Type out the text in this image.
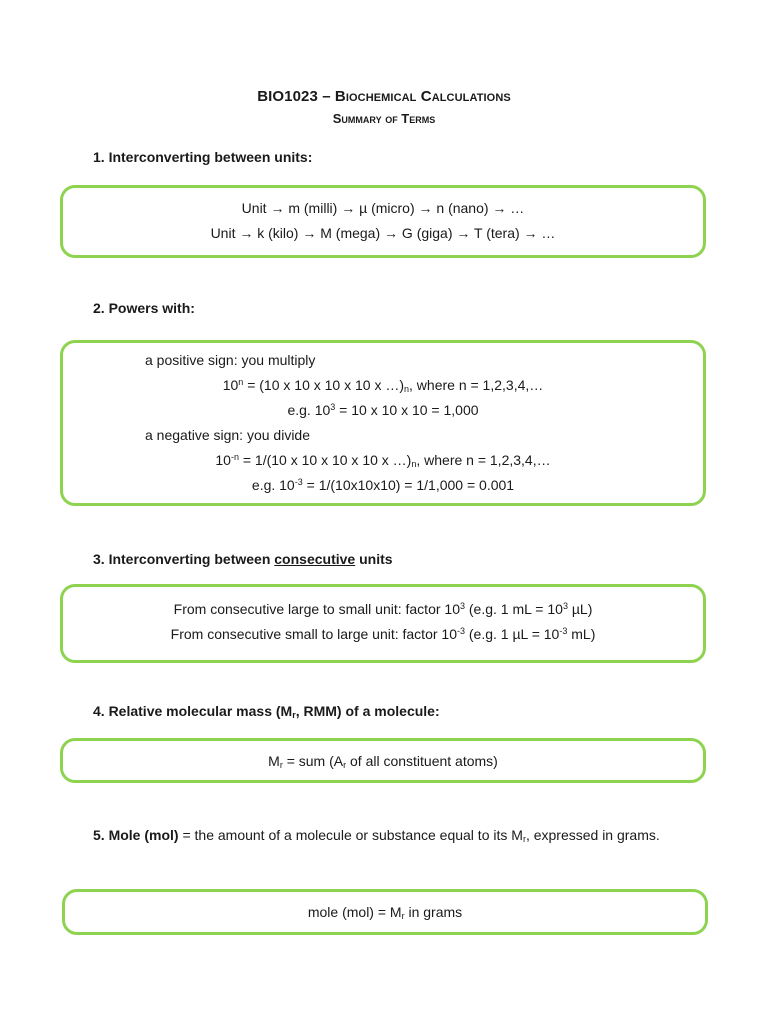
BIO1023 – Biochemical Calculations
Summary of Terms
1. Interconverting between units:
Unit → m (milli) → µ (micro) → n (nano) → …
Unit → k (kilo) → M (mega) → G (giga) → T (tera) → …
2. Powers with:
a positive sign: you multiply
$10^n = (10$ x 10 x 10 x 10 x $\dots)_n$, where n = 1,2,3,4,…
e.g. $10^3 = 10$ x 10 x 10 = 1,000
a negative sign: you divide
$10^{-n} = 1/(10$ x 10 x 10 x 10 x $\dots)_n$, where n = 1,2,3,4,…
e.g. $10^{-3} = 1/(10x10x10) = 1/1,000 = 0.001$
3. Interconverting between consecutive units
From consecutive large to small unit: factor $10^3$ (e.g. 1 mL = $10^3$ µL)
From consecutive small to large unit: factor $10^{-3}$ (e.g. 1 $\mu L = 10^{-3}$ mL)
4. Relative molecular mass ($M_r$, RMM) of a molecule:
$M_r$ = sum ($A_r$ of all constituent atoms)
5. Mole (mol) = the amount of a molecule or substance equal to its $M_r$, expressed in grams.
mole $(mol) = M_r$ in grams
